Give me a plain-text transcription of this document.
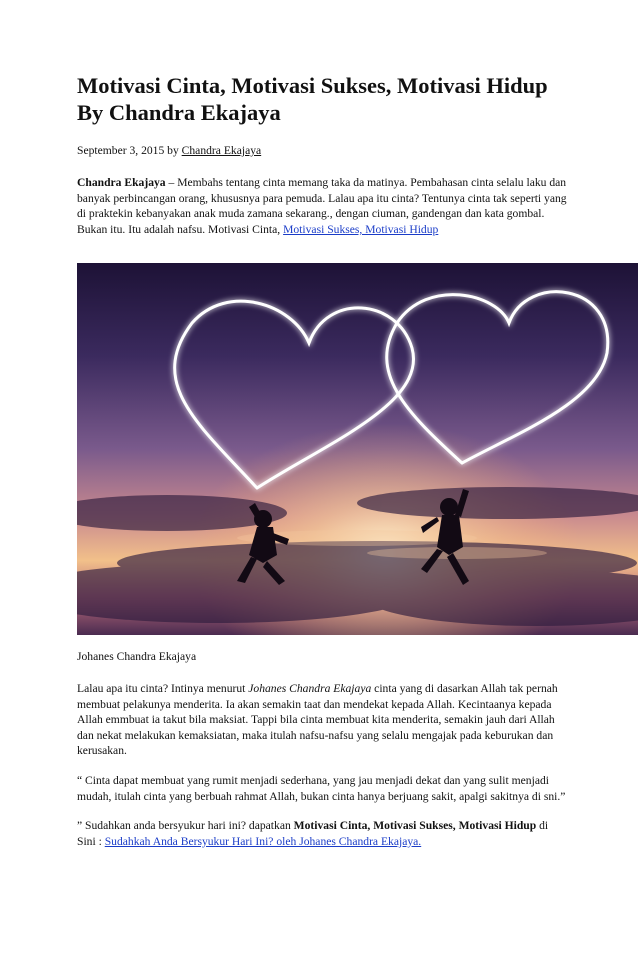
Motivasi Cinta, Motivasi Sukses, Motivasi Hidup By Chandra Ekajaya
September 3, 2015 by Chandra Ekajaya

Chandra Ekajaya – Membahs tentang cinta memang taka da matinya. Pembahasan cinta selalu laku dan banyak perbincangan orang, khususnya para pemuda. Lalau apa itu cinta? Tentunya cinta tak seperti yang di praktekin kebanyakan anak muda zamana sekarang., dengan ciuman, gandengan dan kata gombal. Bukan itu. Itu adalah nafsu. Motivasi Cinta, Motivasi Sukses, Motivasi Hidup

Johanes Chandra Ekajaya

Lalau apa itu cinta? Intinya menurut Johanes Chandra Ekajaya cinta yang di dasarkan Allah tak pernah membuat pelakunya menderita. Ia akan semakin taat dan mendekat kepada Allah. Kecintaanya kepada Allah emmbuat ia takut bila maksiat. Tappi bila cinta membuat kita menderita, semakin jauh dari Allah dan nekat melakukan kemaksiatan, maka itulah nafsu-nafsu yang selalu mengajak pada keburukan dan kerusakan.

“ Cinta dapat membuat yang rumit menjadi sederhana, yang jau menjadi dekat dan yang sulit menjadi mudah, itulah cinta yang berbuah rahmat Allah, bukan cinta hanya berjuang sakit, apalgi sakitnya di sni.”

” Sudahkan anda bersyukur hari ini? dapatkan Motivasi Cinta, Motivasi Sukses, Motivasi Hidup di Sini : Sudahkah Anda Bersyukur Hari Ini? oleh Johanes Chandra Ekajaya.
